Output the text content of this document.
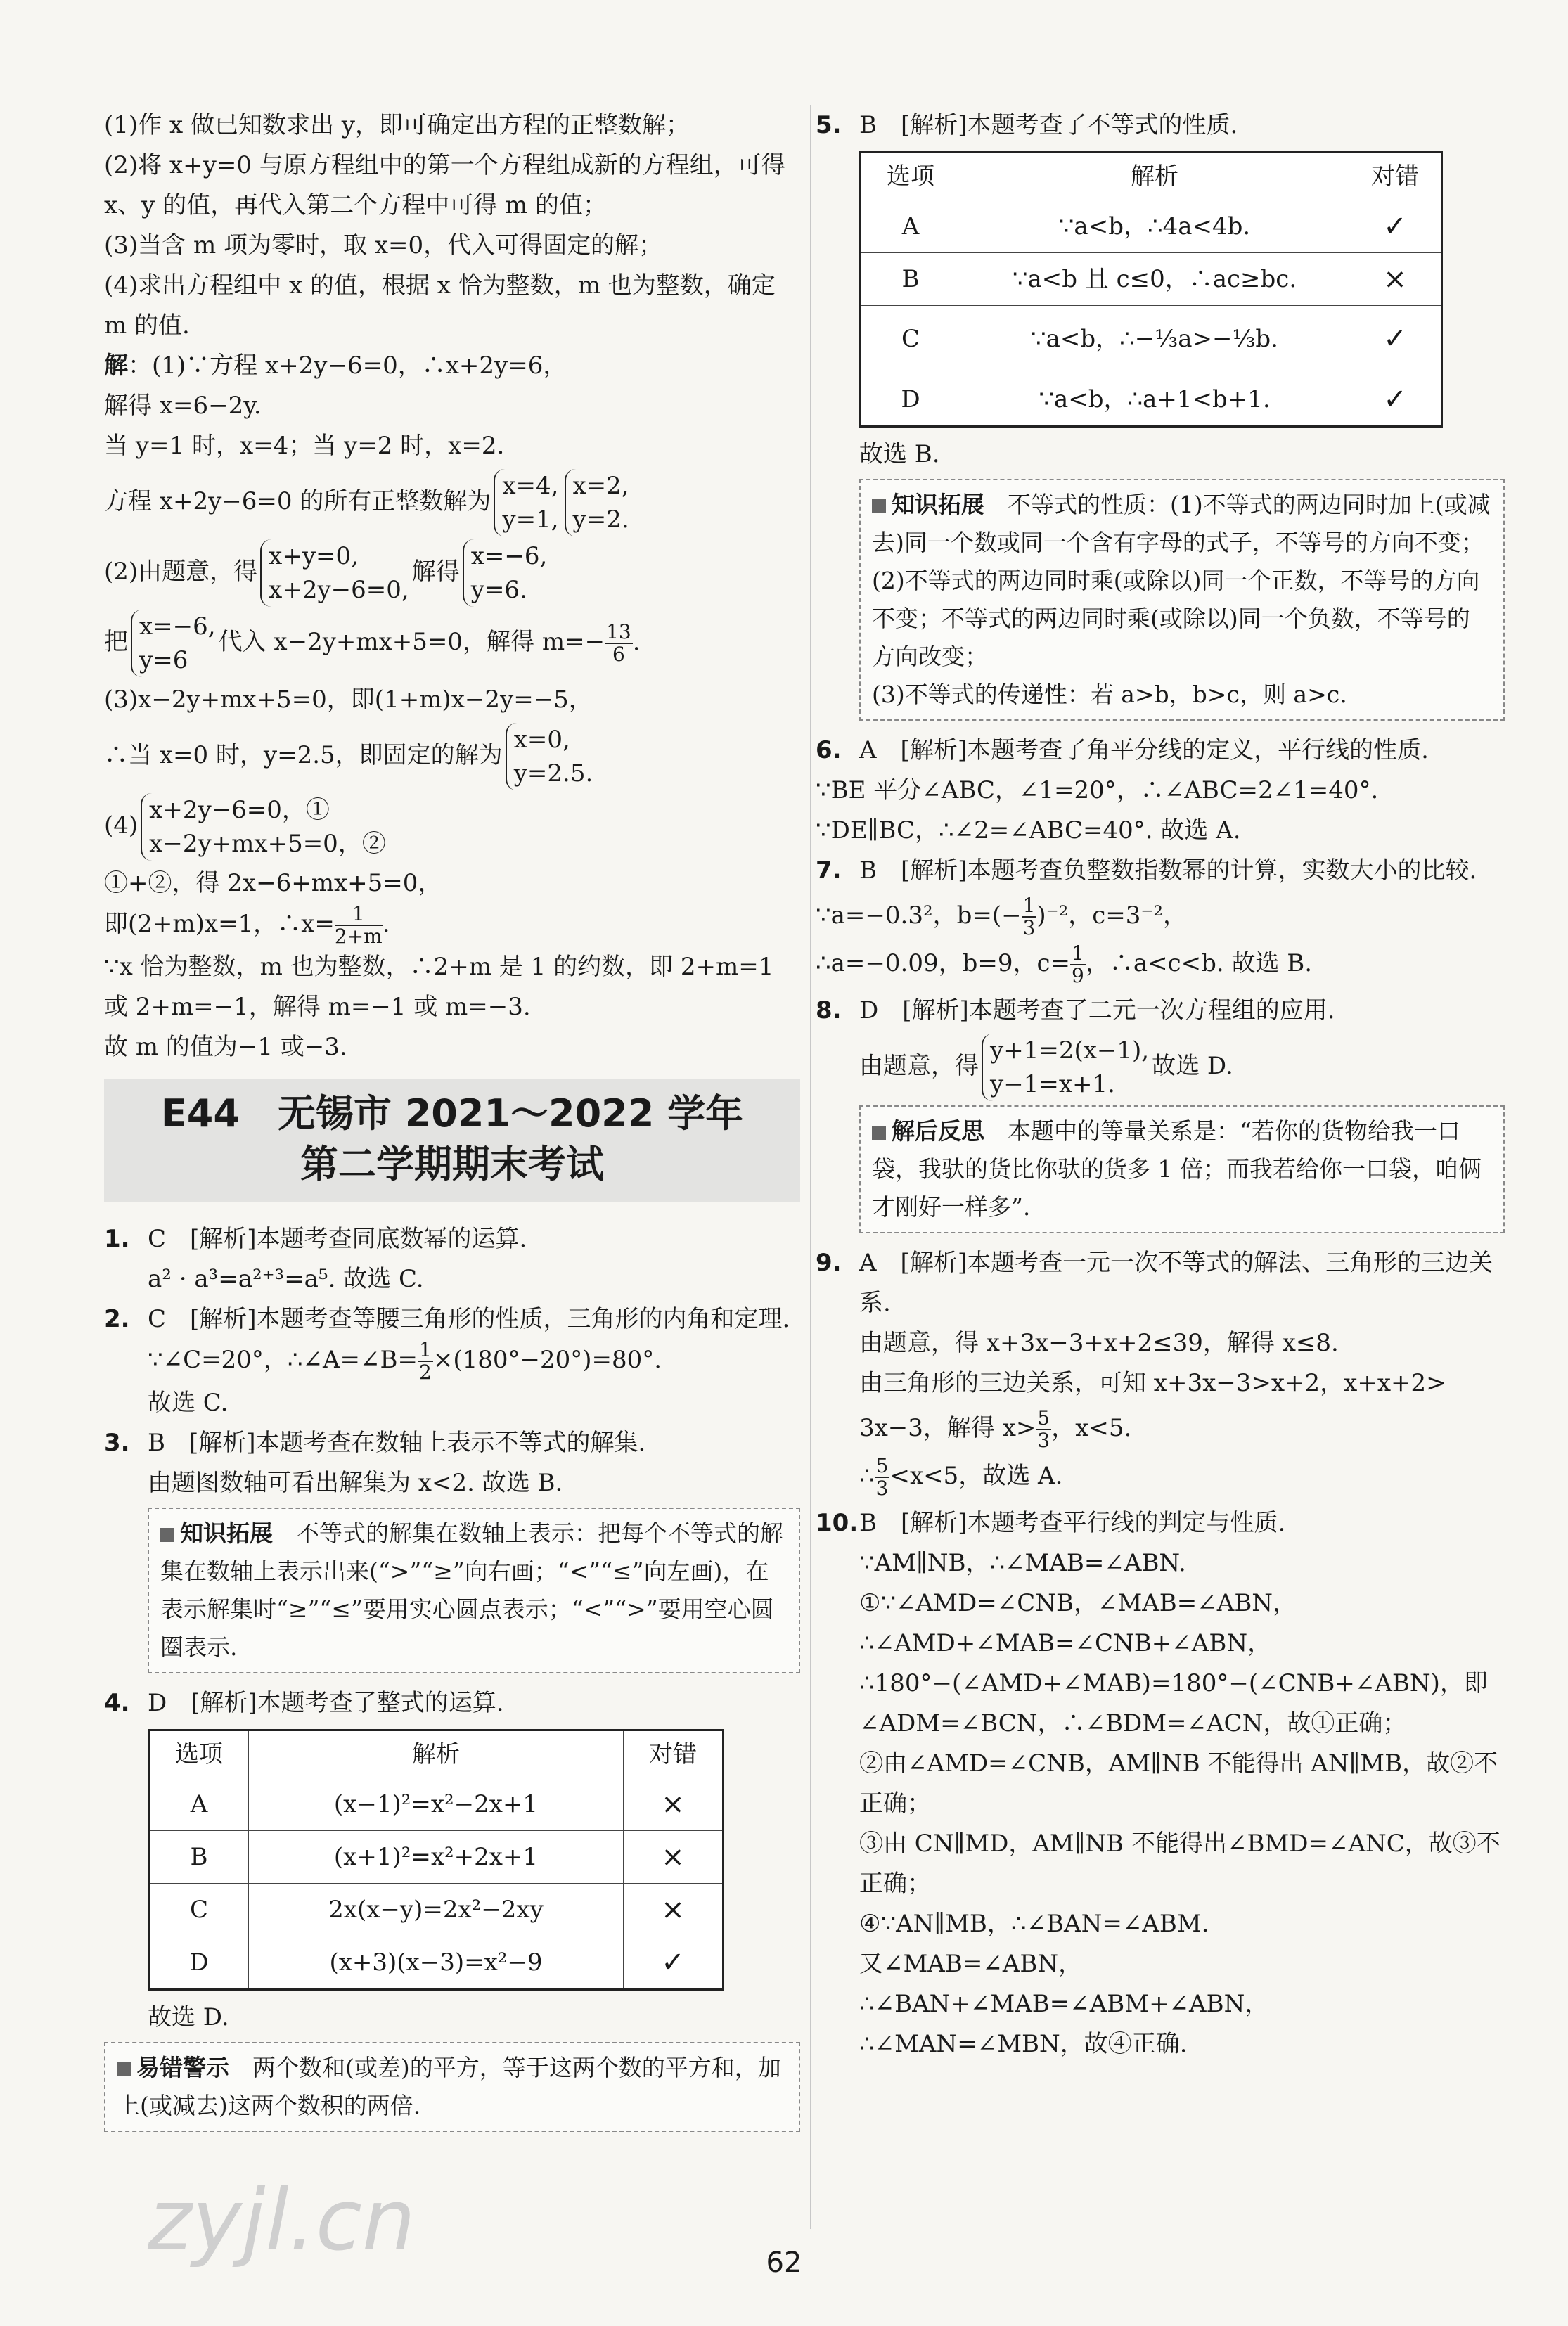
(1)作 x 做已知数求出 y，即可确定出方程的正整数解；

(2)将 x+y=0 与原方程组中的第一个方程组成新的方程组，可得 x、y 的值，再代入第二个方程中可得 m 的值；

(3)当含 m 项为零时，取 x=0，代入可得固定的解；

(4)求出方程组中 x 的值，根据 x 恰为整数，m 也为整数，确定 m 的值.

解：(1)∵方程 x+2y−6=0，∴x+2y=6，

解得 x=6−2y.

当 y=1 时，x=4；当 y=2 时，x=2.

方程 x+2y−6=0 的所有正整数解为x=4,
y=1,x=2,
y=2.

(2)由题意，得x+y=0,
x+2y−6=0,解得x=−6,
y=6.

把x=−6,
y=6代入 x−2y+mx+5=0，解得 $m=- \frac{13}{6}$ .

(3)x−2y+mx+5=0，即(1+m)x−2y=−5，

∴当 x=0 时，y=2.5，即固定的解为x=0,
y=2.5.

(4)x+2y−6=0，①
x−2y+mx+5=0，②

①+②，得 2x−6+mx+5=0，

即(2+m)x=1，∴x= $\frac{1}{2+m}$ .

∵x 恰为整数，m 也为整数，∴2+m 是 1 的约数，即 2+m=1 或 2+m=−1，解得 m=−1 或 m=−3.

故 m 的值为−1 或−3.

E44　无锡市 2021～2022 学年
第二学期期末考试

1. C　[解析]本题考查同底数幂的运算.

a² · a³=a²⁺³=a⁵. 故选 C.

2. C　[解析]本题考查等腰三角形的性质，三角形的内角和定理.

∵∠C=20°，∴∠A=∠B= $\frac{1}{2} \times(180^\circ-20^\circ)=80^\circ$.

故选 C.

3. B　[解析]本题考查在数轴上表示不等式的解集.

由题图数轴可看出解集为 x<2. 故选 B.

知识拓展　 不等式的解集在数轴上表示：把每个不等式的解集在数轴上表示出来(“>”“≥”向右画；“<”“≤”向左画)，在表示解集时“≥”“≤”要用实心圆点表示；“<”“>”要用空心圆圈表示.

4. D　[解析]本题考查了整式的运算.

选项	解析	对错
A	(x−1)²=x²−2x+1	×
B	(x+1)²=x²+2x+1	×
C	2x(x−y)=2x²−2xy	×
D	(x+3)(x−3)=x²−9	✓

故选 D.

易错警示　 两个数和(或差)的平方，等于这两个数的平方和，加上(或减去)这两个数积的两倍.

5. B　[解析]本题考查了不等式的性质.

选项	解析	对错
A	∵a<b，∴4a<4b.	✓
B	∵a<b 且 c≤0，∴ac≥bc.	×
C	∵a<b，∴−⅓a>−⅓b.	✓
D	∵a<b，∴a+1<b+1.	✓

故选 B.

知识拓展　 不等式的性质：(1)不等式的两边同时加上(或减去)同一个数或同一个含有字母的式子，不等号的方向不变；
(2)不等式的两边同时乘(或除以)同一个正数，不等号的方向不变；不等式的两边同时乘(或除以)同一个负数，不等号的方向改变；
(3)不等式的传递性：若 a>b，b>c，则 a>c.

6. A　[解析]本题考查了角平分线的定义，平行线的性质.

∵BE 平分∠ABC，∠1=20°，∴∠ABC=2∠1=40°.

∵DE∥BC，∴∠2=∠ABC=40°. 故选 A.

7. B　[解析]本题考查负整数指数幂的计算，实数大小的比较.

∵a=−0.3²，$b=(- \frac{1}{3} )^{-2}$，c=3⁻²，

∴a=−0.09，b=9，$c= \frac{1}{9}$ ，∴a<c<b. 故选 B.

8. D　[解析]本题考查了二元一次方程组的应用.

由题意，得y+1=2(x−1),
y−1=x+1.故选 D.

解后反思　 本题中的等量关系是：“若你的货物给我一口袋，我驮的货比你驮的货多 1 倍；而我若给你一口袋，咱俩才刚好一样多”.

9. A　[解析]本题考查一元一次不等式的解法、三角形的三边关系.

由题意，得 x+3x−3+x+2≤39，解得 x≤8.

由三角形的三边关系，可知 x+3x−3>x+2，x+x+2>

3x−3，解得 $x> \frac{5}{3}$ ，x<5.

∴ $\frac{5}{3} <x<5$，故选 A.

10.B　[解析]本题考查平行线的判定与性质.

∵AM∥NB，∴∠MAB=∠ABN.

①∵∠AMD=∠CNB，∠MAB=∠ABN，

∴∠AMD+∠MAB=∠CNB+∠ABN，

∴180°−(∠AMD+∠MAB)=180°−(∠CNB+∠ABN)，即∠ADM=∠BCN，∴∠BDM=∠ACN，故①正确；

②由∠AMD=∠CNB，AM∥NB 不能得出 AN∥MB，故②不正确；

③由 CN∥MD，AM∥NB 不能得出∠BMD=∠ANC，故③不正确；

④∵AN∥MB，∴∠BAN=∠ABM.

又∠MAB=∠ABN，

∴∠BAN+∠MAB=∠ABM+∠ABN，

∴∠MAN=∠MBN，故④正确.

zyjl.cn	62
